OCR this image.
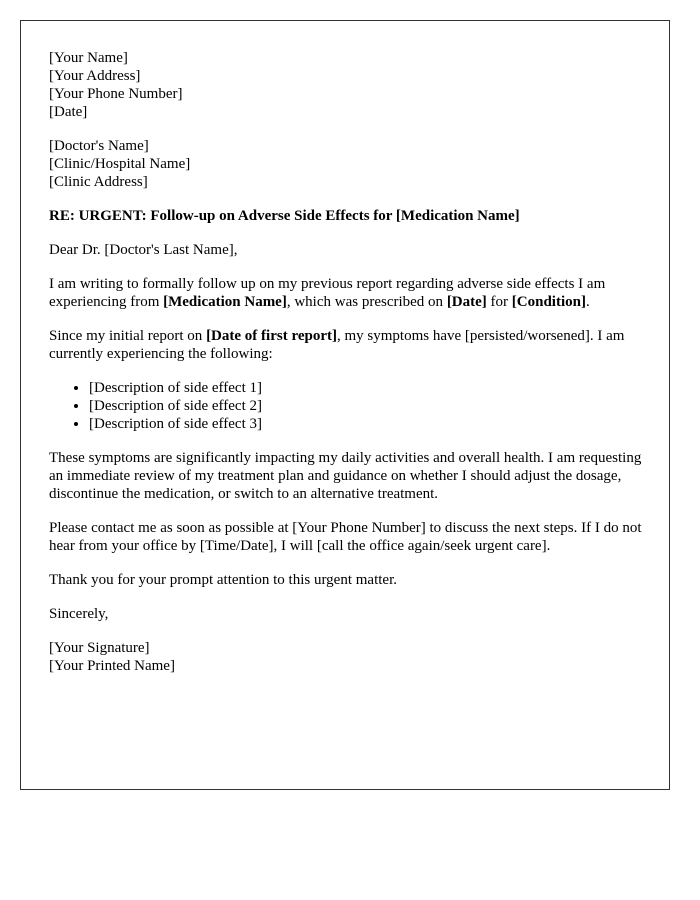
[Your Name]
[Your Address]
[Your Phone Number]
[Date]
[Doctor's Name]
[Clinic/Hospital Name]
[Clinic Address]
RE: URGENT: Follow-up on Adverse Side Effects for [Medication Name]

Dear Dr. [Doctor's Last Name],

I am writing to formally follow up on my previous report regarding adverse side effects I am experiencing from [Medication Name], which was prescribed on [Date] for [Condition].

Since my initial report on [Date of first report], my symptoms have [persisted/worsened]. I am currently experiencing the following:

• [Description of side effect 1]
• [Description of side effect 2]
• [Description of side effect 3]

These symptoms are significantly impacting my daily activities and overall health. I am requesting an immediate review of my treatment plan and guidance on whether I should adjust the dosage, discontinue the medication, or switch to an alternative treatment.

Please contact me as soon as possible at [Your Phone Number] to discuss the next steps. If I do not hear from your office by [Time/Date], I will [call the office again/seek urgent care].

Thank you for your prompt attention to this urgent matter.

Sincerely,

[Your Signature]
[Your Printed Name]
